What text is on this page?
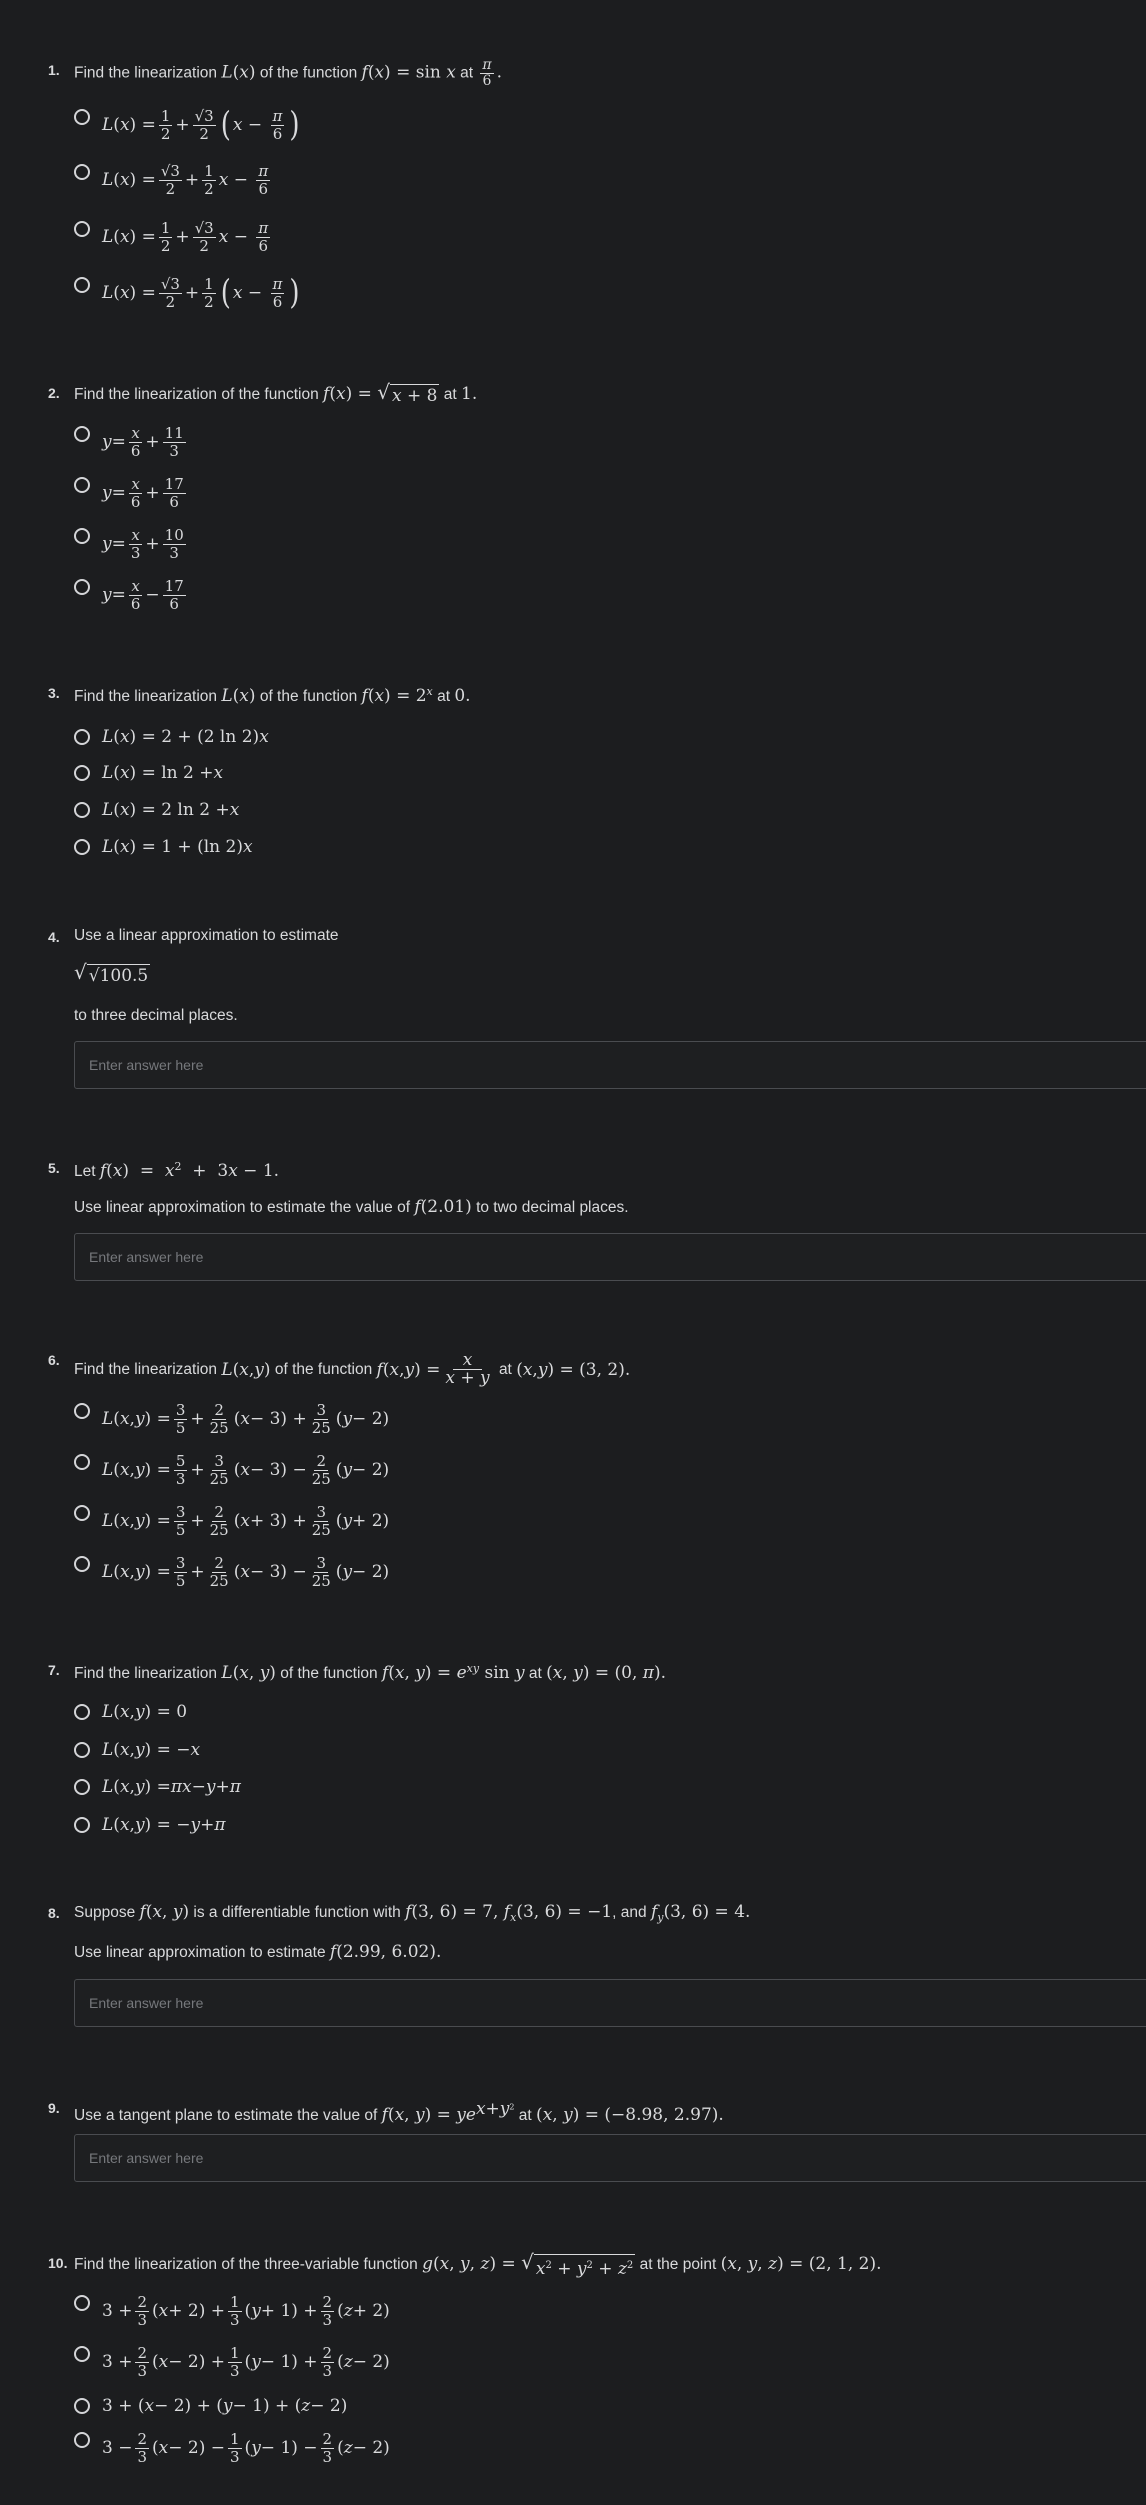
1. Find the linearization L(x) of the function f(x) = sin x at $\frac{\pi}{6}$ .
L ( x ) = $\frac{1}{2} + \frac{√3}{2}$ ( $x - \frac{\pi}{6}$ )
L ( x ) = $\frac{√3}{2} + \frac{1}{2}$ $x - \frac{\pi}{6}$
L ( x ) = $\frac{1}{2} + \frac{√3}{2}$ $x - \frac{\pi}{6}$
L ( x ) = $\frac{√3}{2} + \frac{1}{2}$ ( $x - \frac{\pi}{6}$ )
2. Find the linearization of the function f(x) = √ x + 8 at 1.
$y = \frac{x}{6} + \frac{11}{3}$
$y = \frac{x}{6} + \frac{17}{6}$
$y = \frac{x}{3} + \frac{10}{3}$
$y = \frac{x}{6} - \frac{17}{6}$
3. Find the linearization L(x) of the function $f(x) = 2^x$ at 0.
L ( x ) = 2 + (2 ln 2) x
L ( x ) = ln 2 + x
L ( x ) = 2 ln 2 + x
L ( x ) = 1 + (ln 2) x
4. Use a linear approximation to estimate
√ √100.5
to three decimal places.
Enter answer here
5. Let $f(x) = x^2 + 3x - 1$.
Use linear approximation to estimate the value of f(2.01) to two decimal places.
Enter answer here
6.
Find the linearization
L ( x , y )
of the function
f ( x , y ) = $\frac{x}{x + y}$
at
( x , y ) = (3, 2).
L ( x , y ) = $\frac{3}{5} + \frac{2}{25}$ ( $x - 3) + \frac{3}{25}$ ( y − 2)
L ( x , y ) = $\frac{5}{3} + \frac{3}{25}$ ( $x - 3) - \frac{2}{25}$ ( y − 2)
L ( x , y ) = $\frac{3}{5} + \frac{2}{25}$ ( $x + 3) + \frac{3}{25}$ ( y + 2)
L ( x , y ) = $\frac{3}{5} + \frac{2}{25}$ ( $x - 3) - \frac{3}{25}$ ( y − 2)
7. Find the linearization L(x, y) of the function f(x, $y) = e^{xy}$ sin y at (x, y) = (0, π).
L ( x , y ) = 0
L ( x , y ) = − x
L ( x , y ) = πx − y + π
L ( x , y ) = − y + π
8. Suppose f(x, y) is a differentiable function with f(3, 6) = 7, $f_x(3$, 6) = −1, and $f_y(3$, 6) = 4.
Use linear approximation to estimate f(2.99, 6.02).
Enter answer here
9. Use a tangent plane to estimate the value of f(x, $y) = ye^{x+y^2}$ at (x, y) = (−8.98, 2.97).
Enter answer here
10. Find the linearization of the three-variable function g(x, y, z) = √ $x^2 + y^2 + z^2$ at the point (x, y, z) = (2, 1, 2).
$3 + \frac{2}{3}$ ( $x + 2) + \frac{1}{3}$ ( $y + 1) + \frac{2}{3}$ ( z + 2)
$3 + \frac{2}{3}$ ( $x - 2) + \frac{1}{3}$ ( $y - 1) + \frac{2}{3}$ ( z − 2)
3 + ( x − 2) + ( y − 1) + ( z − 2)
$3 - \frac{2}{3}$ ( $x - 2) - \frac{1}{3}$ ( $y - 1) - \frac{2}{3}$ ( z − 2)
